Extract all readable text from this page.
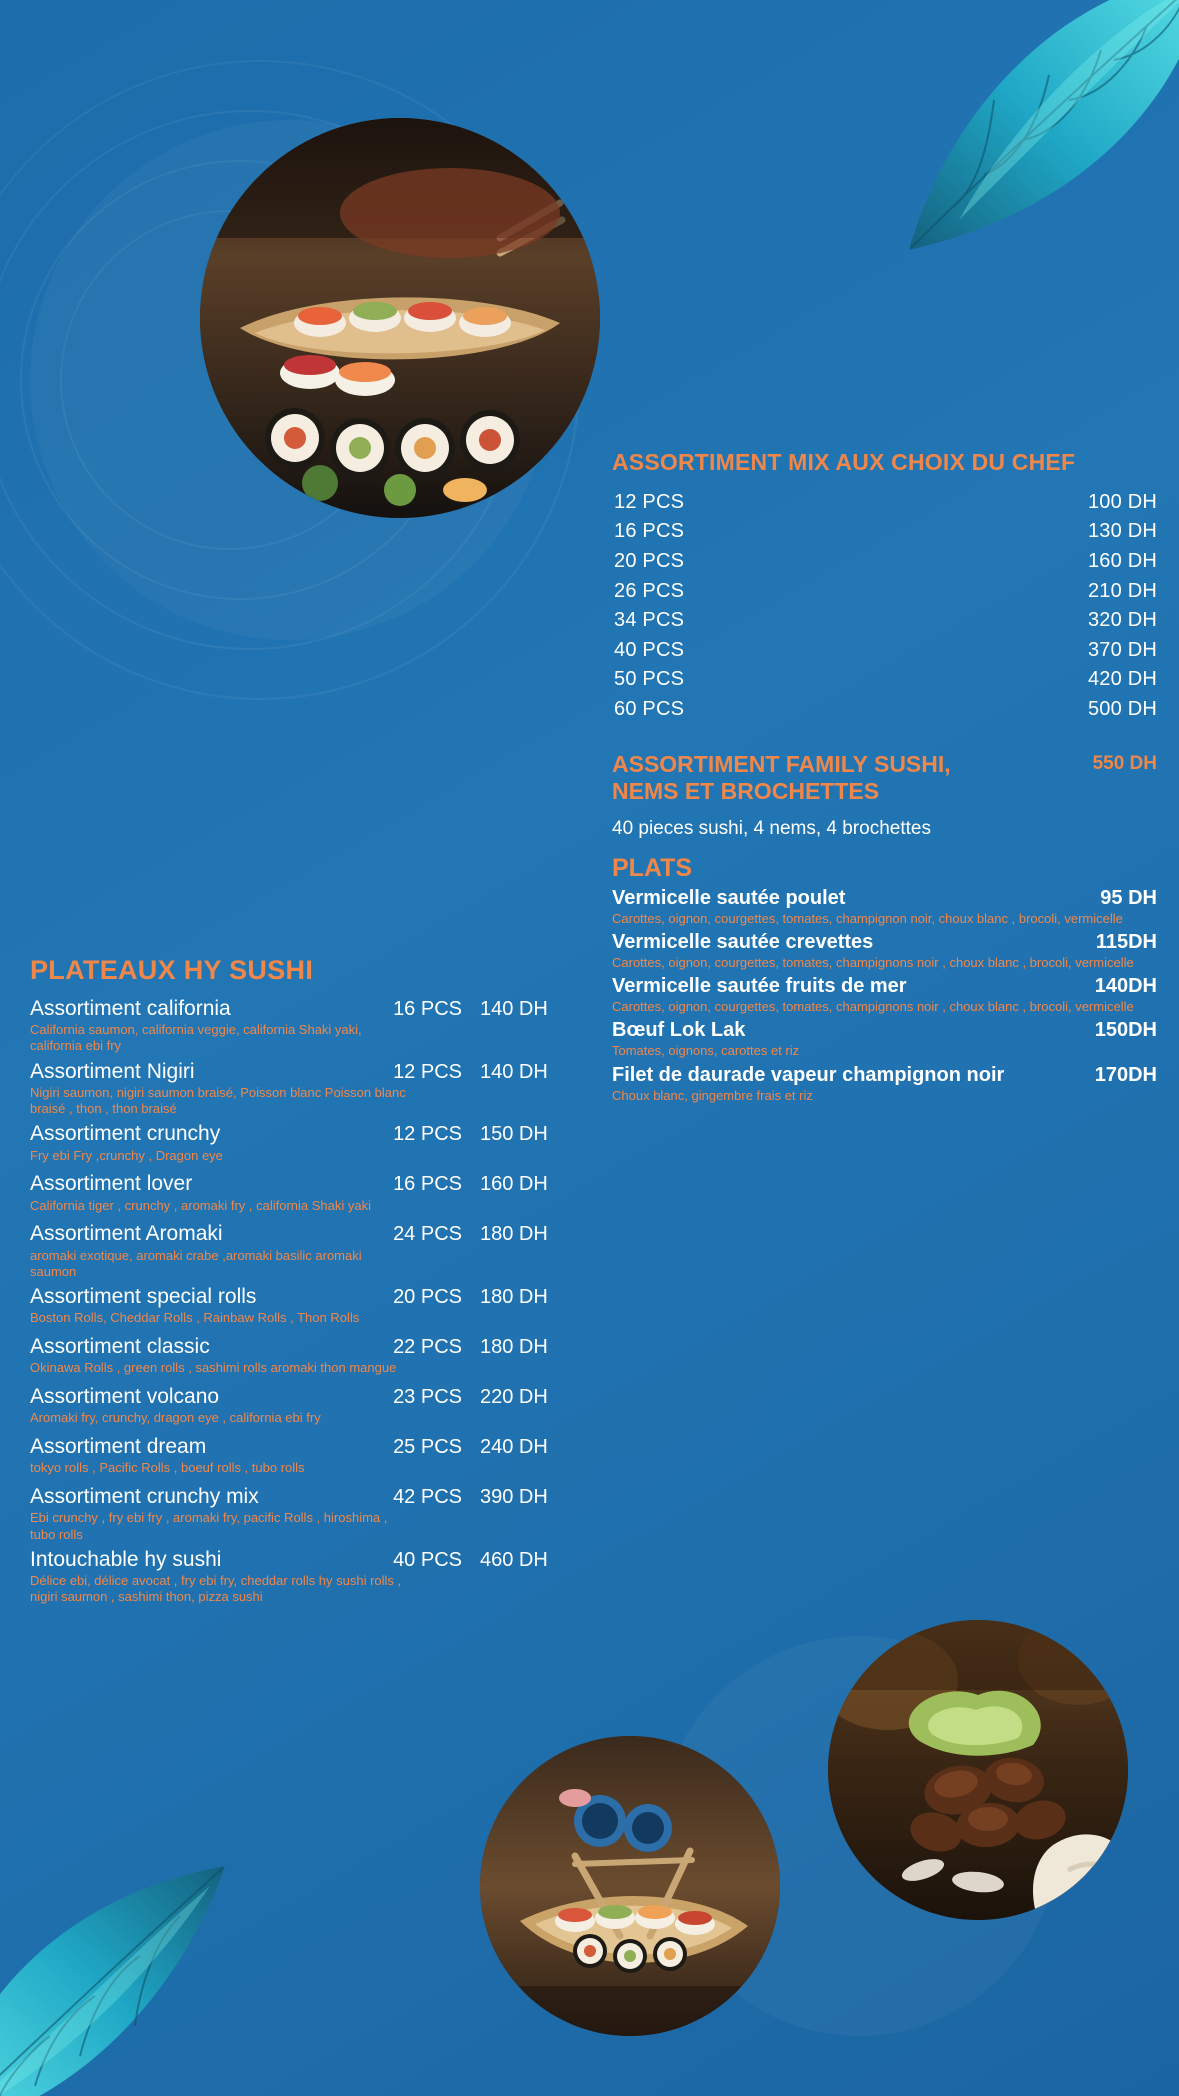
ASSORTIMENT MIX AUX CHOIX DU CHEF
12 PCS	100 DH
16 PCS	130 DH
20 PCS	160 DH
26 PCS	210 DH
34 PCS	320 DH
40 PCS	370 DH
50 PCS	420 DH
60 PCS	500 DH
ASSORTIMENT FAMILY SUSHI, NEMS ET BROCHETTES
550 DH
40 pieces sushi, 4 nems, 4 brochettes
PLATS
Vermicelle sautée poulet	95 DH
Carottes, oignon, courgettes, tomates, champignon noir, choux blanc , brocoli, vermicelle
Vermicelle sautée crevettes	115DH
Carottes, oignon, courgettes, tomates, champignons noir , choux blanc , brocoli, vermicelle
Vermicelle sautée fruits de mer	140DH
Carottes, oignon, courgettes, tomates, champignons noir , choux blanc , brocoli, vermicelle
Bœuf Lok Lak	150DH
Tomates, oignons, carottes et riz
Filet de daurade vapeur champignon noir	170DH
Choux blanc, gingembre frais et riz
PLATEAUX HY SUSHI
Assortiment california
California saumon, california veggie, california Shaki yaki, california ebi fry
16 PCS 140 DH
Assortiment Nigiri
Nigiri saumon, nigiri saumon braisé, Poisson blanc Poisson blanc braisé , thon , thon braisé
12 PCS 140 DH
Assortiment crunchy
Fry ebi Fry ,crunchy , Dragon eye
12 PCS 150 DH
Assortiment lover
California tiger , crunchy , aromaki fry , california Shaki yaki
16 PCS 160 DH
Assortiment Aromaki
aromaki exotique, aromaki crabe ,aromaki basilic aromaki saumon
24 PCS 180 DH
Assortiment special rolls
Boston Rolls, Cheddar Rolls , Rainbaw Rolls , Thon Rolls
20 PCS 180 DH
Assortiment classic
Okinawa Rolls , green rolls , sashimi rolls aromaki thon mangue
22 PCS 180 DH
Assortiment volcano
Aromaki fry, crunchy, dragon eye , california ebi fry
23 PCS 220 DH
Assortiment dream
tokyo rolls , Pacific Rolls , boeuf rolls , tubo rolls
25 PCS 240 DH
Assortiment crunchy mix
Ebi crunchy , fry ebi fry , aromaki fry, pacific Rolls , hiroshima , tubo rolls
42 PCS 390 DH
Intouchable hy sushi
Délice ebi, délice avocat , fry ebi fry, cheddar rolls hy sushi rolls , nigiri saumon , sashimi thon, pizza sushi
40 PCS 460 DH
